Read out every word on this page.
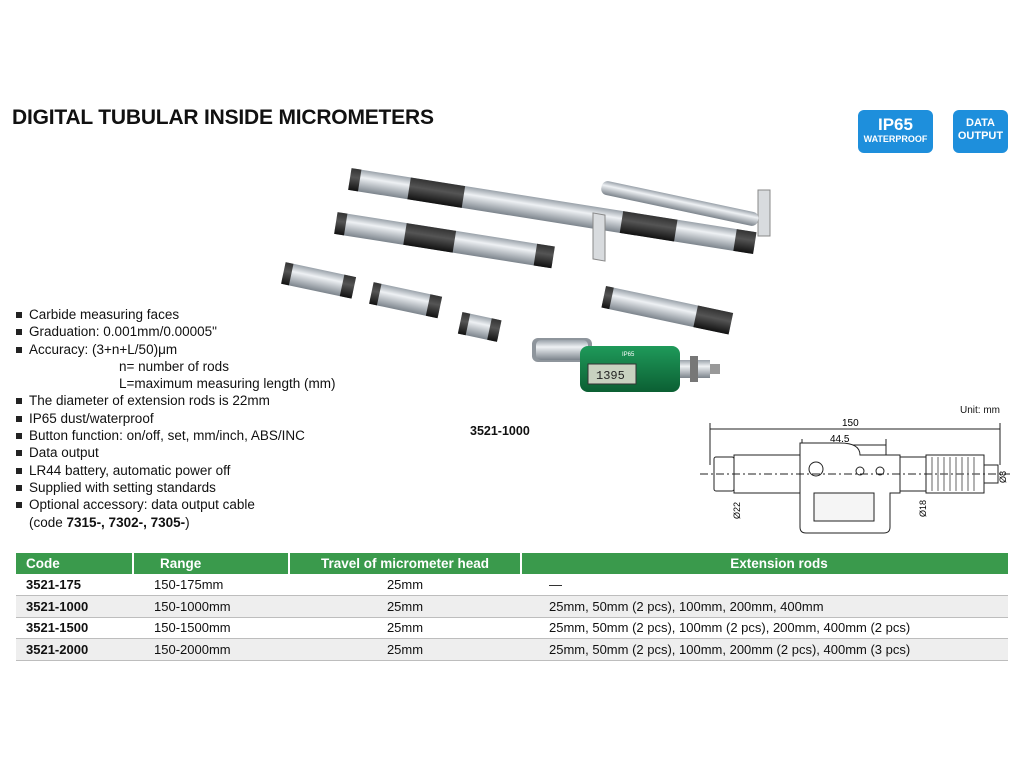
DIGITAL TUBULAR INSIDE MICROMETERS	IP65
WATERPROOF
DATA
OUTPUT
1395
IP65
3521-1000
Carbide measuring faces
Graduation: 0.001mm/0.00005"
Accuracy: (3+n+L/50)μm
n= number of rods
L=maximum measuring length (mm)
The diameter of extension rods is 22mm
IP65 dust/waterproof
Button function: on/off, set, mm/inch, ABS/INC
Data output
LR44 battery, automatic power off
Supplied with setting standards
Optional accessory: data output cable
(code 7315-, 7302-, 7305-)
Unit: mm
150
44.5
Ø22	Ø18
Ø8
Code	Range	Travel of micrometer head	Extension rods
3521-175	150-175mm	25mm	—
3521-1000	150-1000mm	25mm	25mm, 50mm (2 pcs), 100mm, 200mm, 400mm
3521-1500	150-1500mm	25mm	25mm, 50mm (2 pcs), 100mm (2 pcs), 200mm, 400mm (2 pcs)
3521-2000	150-2000mm	25mm	25mm, 50mm (2 pcs), 100mm, 200mm (2 pcs), 400mm (3 pcs)
